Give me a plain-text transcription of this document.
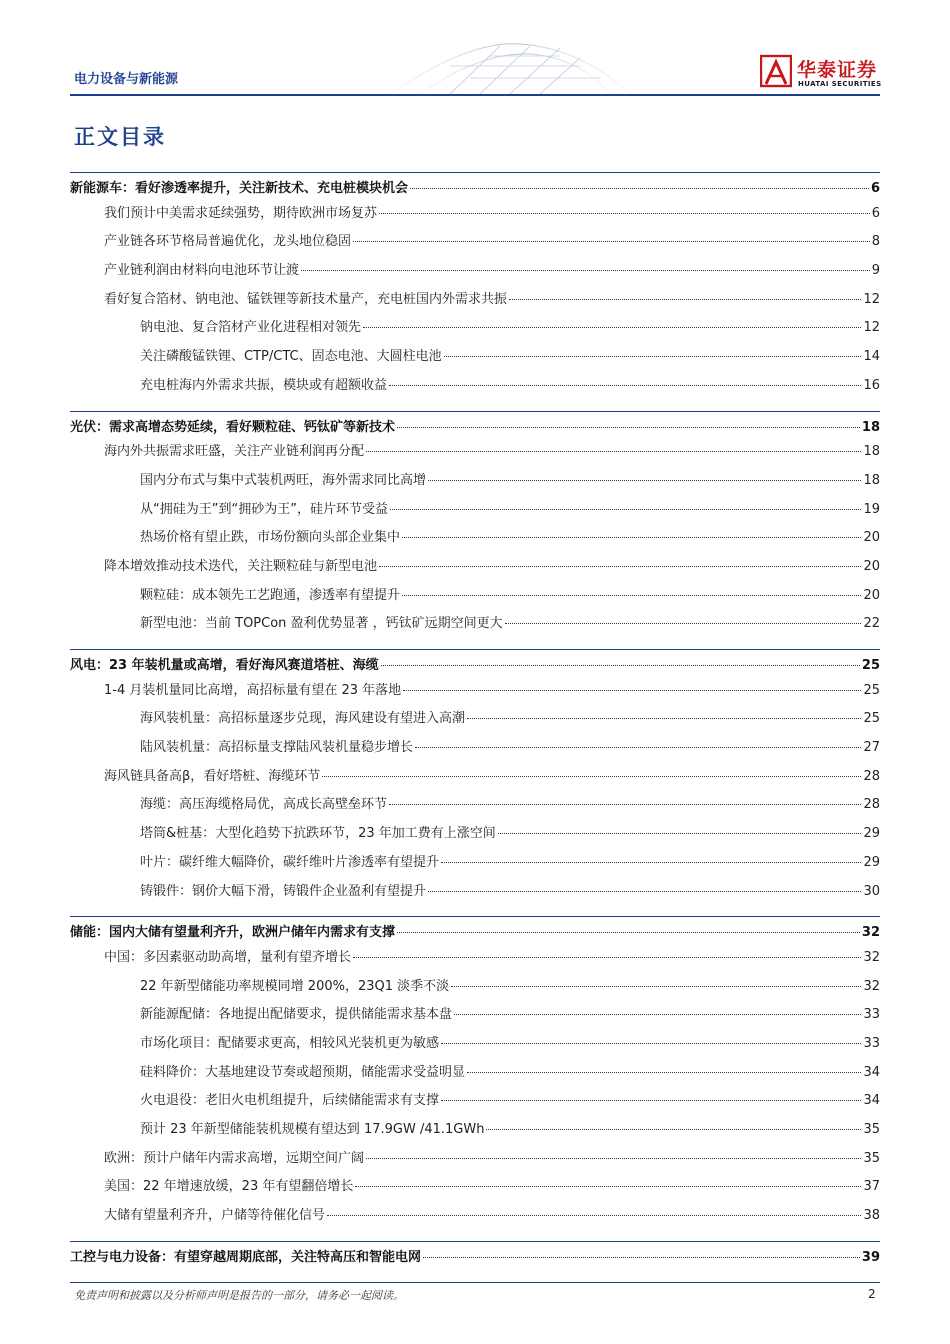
电力设备与新能源	华泰证券
HUATAI SECURITIES
正文目录
新能源车：看好渗透率提升，关注新技术、充电桩模块机会	6
我们预计中美需求延续强势，期待欧洲市场复苏	6
产业链各环节格局普遍优化，龙头地位稳固	8
产业链利润由材料向电池环节让渡	9
看好复合箔材、钠电池、锰铁锂等新技术量产，充电桩国内外需求共振	12
钠电池、复合箔材产业化进程相对领先	12
关注磷酸锰铁锂、CTP/CTC、固态电池、大圆柱电池	14
充电桩海内外需求共振，模块或有超额收益	16
光伏：需求高增态势延续，看好颗粒硅、钙钛矿等新技术	18
海内外共振需求旺盛，关注产业链利润再分配	18
国内分布式与集中式装机两旺，海外需求同比高增	18
从“拥硅为王”到“拥砂为王”，硅片环节受益	19
热场价格有望止跌，市场份额向头部企业集中	20
降本增效推动技术迭代，关注颗粒硅与新型电池	20
颗粒硅：成本领先工艺跑通，渗透率有望提升	20
新型电池：当前 TOPCon 盈利优势显著 ，钙钛矿远期空间更大	22
风电：23 年装机量或高增，看好海风赛道塔桩、海缆	25
1-4 月装机量同比高增，高招标量有望在 23 年落地	25
海风装机量：高招标量逐步兑现，海风建设有望进入高潮	25
陆风装机量：高招标量支撑陆风装机量稳步增长	27
海风链具备高β，看好塔桩、海缆环节	28
海缆：高压海缆格局优，高成长高壁垒环节	28
塔筒&桩基：大型化趋势下抗跌环节，23 年加工费有上涨空间	29
叶片：碳纤维大幅降价，碳纤维叶片渗透率有望提升	29
铸锻件：钢价大幅下滑，铸锻件企业盈利有望提升	30
储能：国内大储有望量利齐升，欧洲户储年内需求有支撑	32
中国：多因素驱动助高增，量利有望齐增长	32
22 年新型储能功率规模同增 200%，23Q1 淡季不淡	32
新能源配储：各地提出配储要求，提供储能需求基本盘	33
市场化项目：配储要求更高，相较风光装机更为敏感	33
硅料降价：大基地建设节奏或超预期，储能需求受益明显	34
火电退役：老旧火电机组提升，后续储能需求有支撑	34
预计 23 年新型储能装机规模有望达到 17.9GW /41.1GWh	35
欧洲：预计户储年内需求高增，远期空间广阔	35
美国：22 年增速放缓，23 年有望翻倍增长	37
大储有望量利齐升，户储等待催化信号	38
工控与电力设备：有望穿越周期底部，关注特高压和智能电网	39
免责声明和披露以及分析师声明是报告的一部分，请务必一起阅读。	2
